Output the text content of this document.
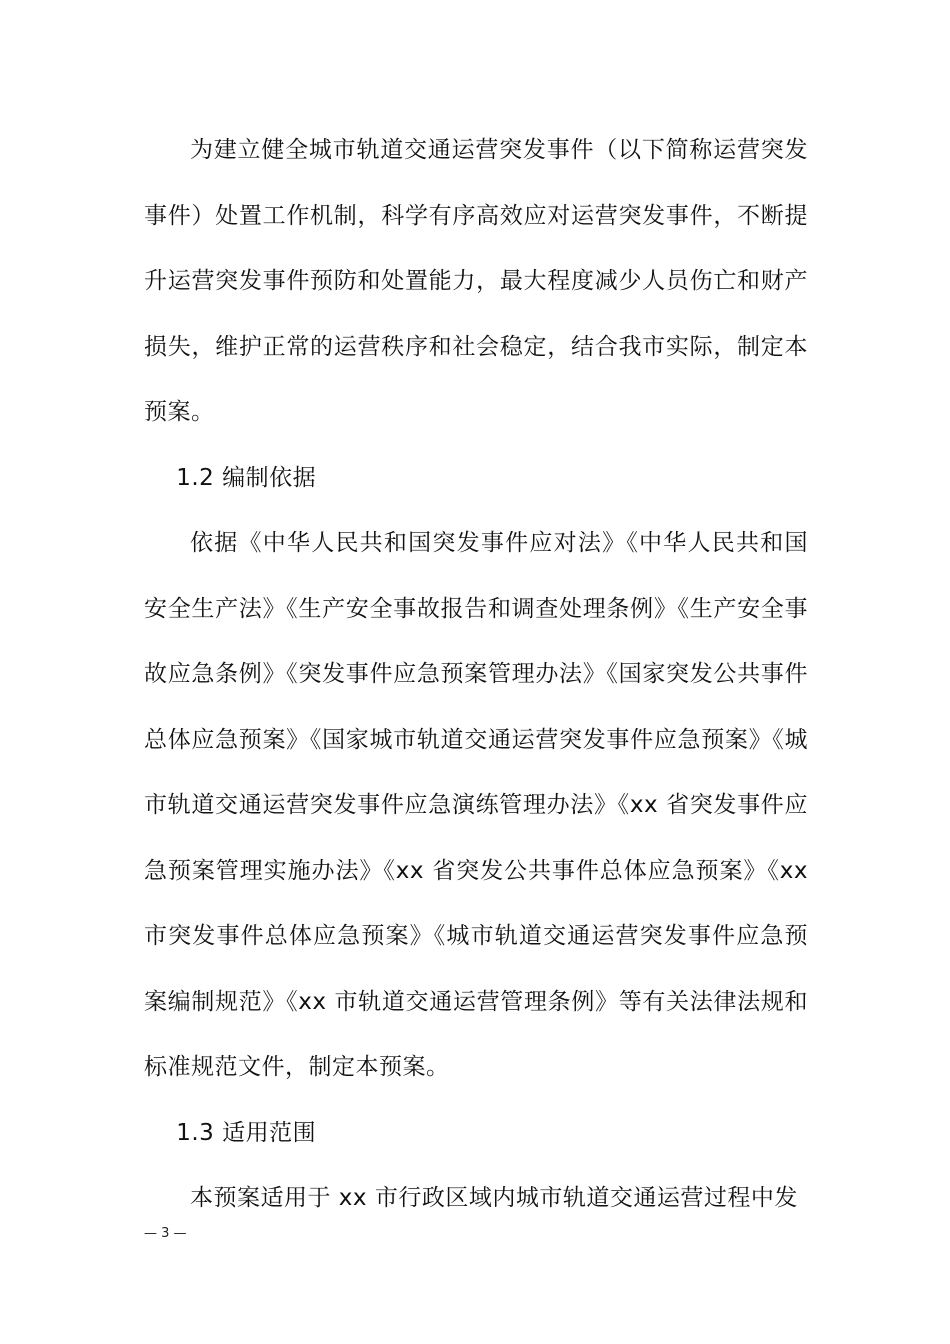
为建立健全城市轨道交通运营突发事件（以下简称运营突发事件）处置工作机制，科学有序高效应对运营突发事件，不断提升运营突发事件预防和处置能力，最大程度减少人员伤亡和财产损失，维护正常的运营秩序和社会稳定，结合我市实际，制定本预案。

1.2 编制依据

依据《中华人民共和国突发事件应对法》《中华人民共和国安全生产法》《生产安全事故报告和调查处理条例》《生产安全事故应急条例》《突发事件应急预案管理办法》《国家突发公共事件总体应急预案》《国家城市轨道交通运营突发事件应急预案》《城市轨道交通运营突发事件应急演练管理办法》《xx 省突发事件应急预案管理实施办法》《xx 省突发公共事件总体应急预案》《xx 市突发事件总体应急预案》《城市轨道交通运营突发事件应急预案编制规范》《xx 市轨道交通运营管理条例》等有关法律法规和标准规范文件，制定本预案。

1.3 适用范围

本预案适用于 xx 市行政区域内城市轨道交通运营过程中发

— 3 —
